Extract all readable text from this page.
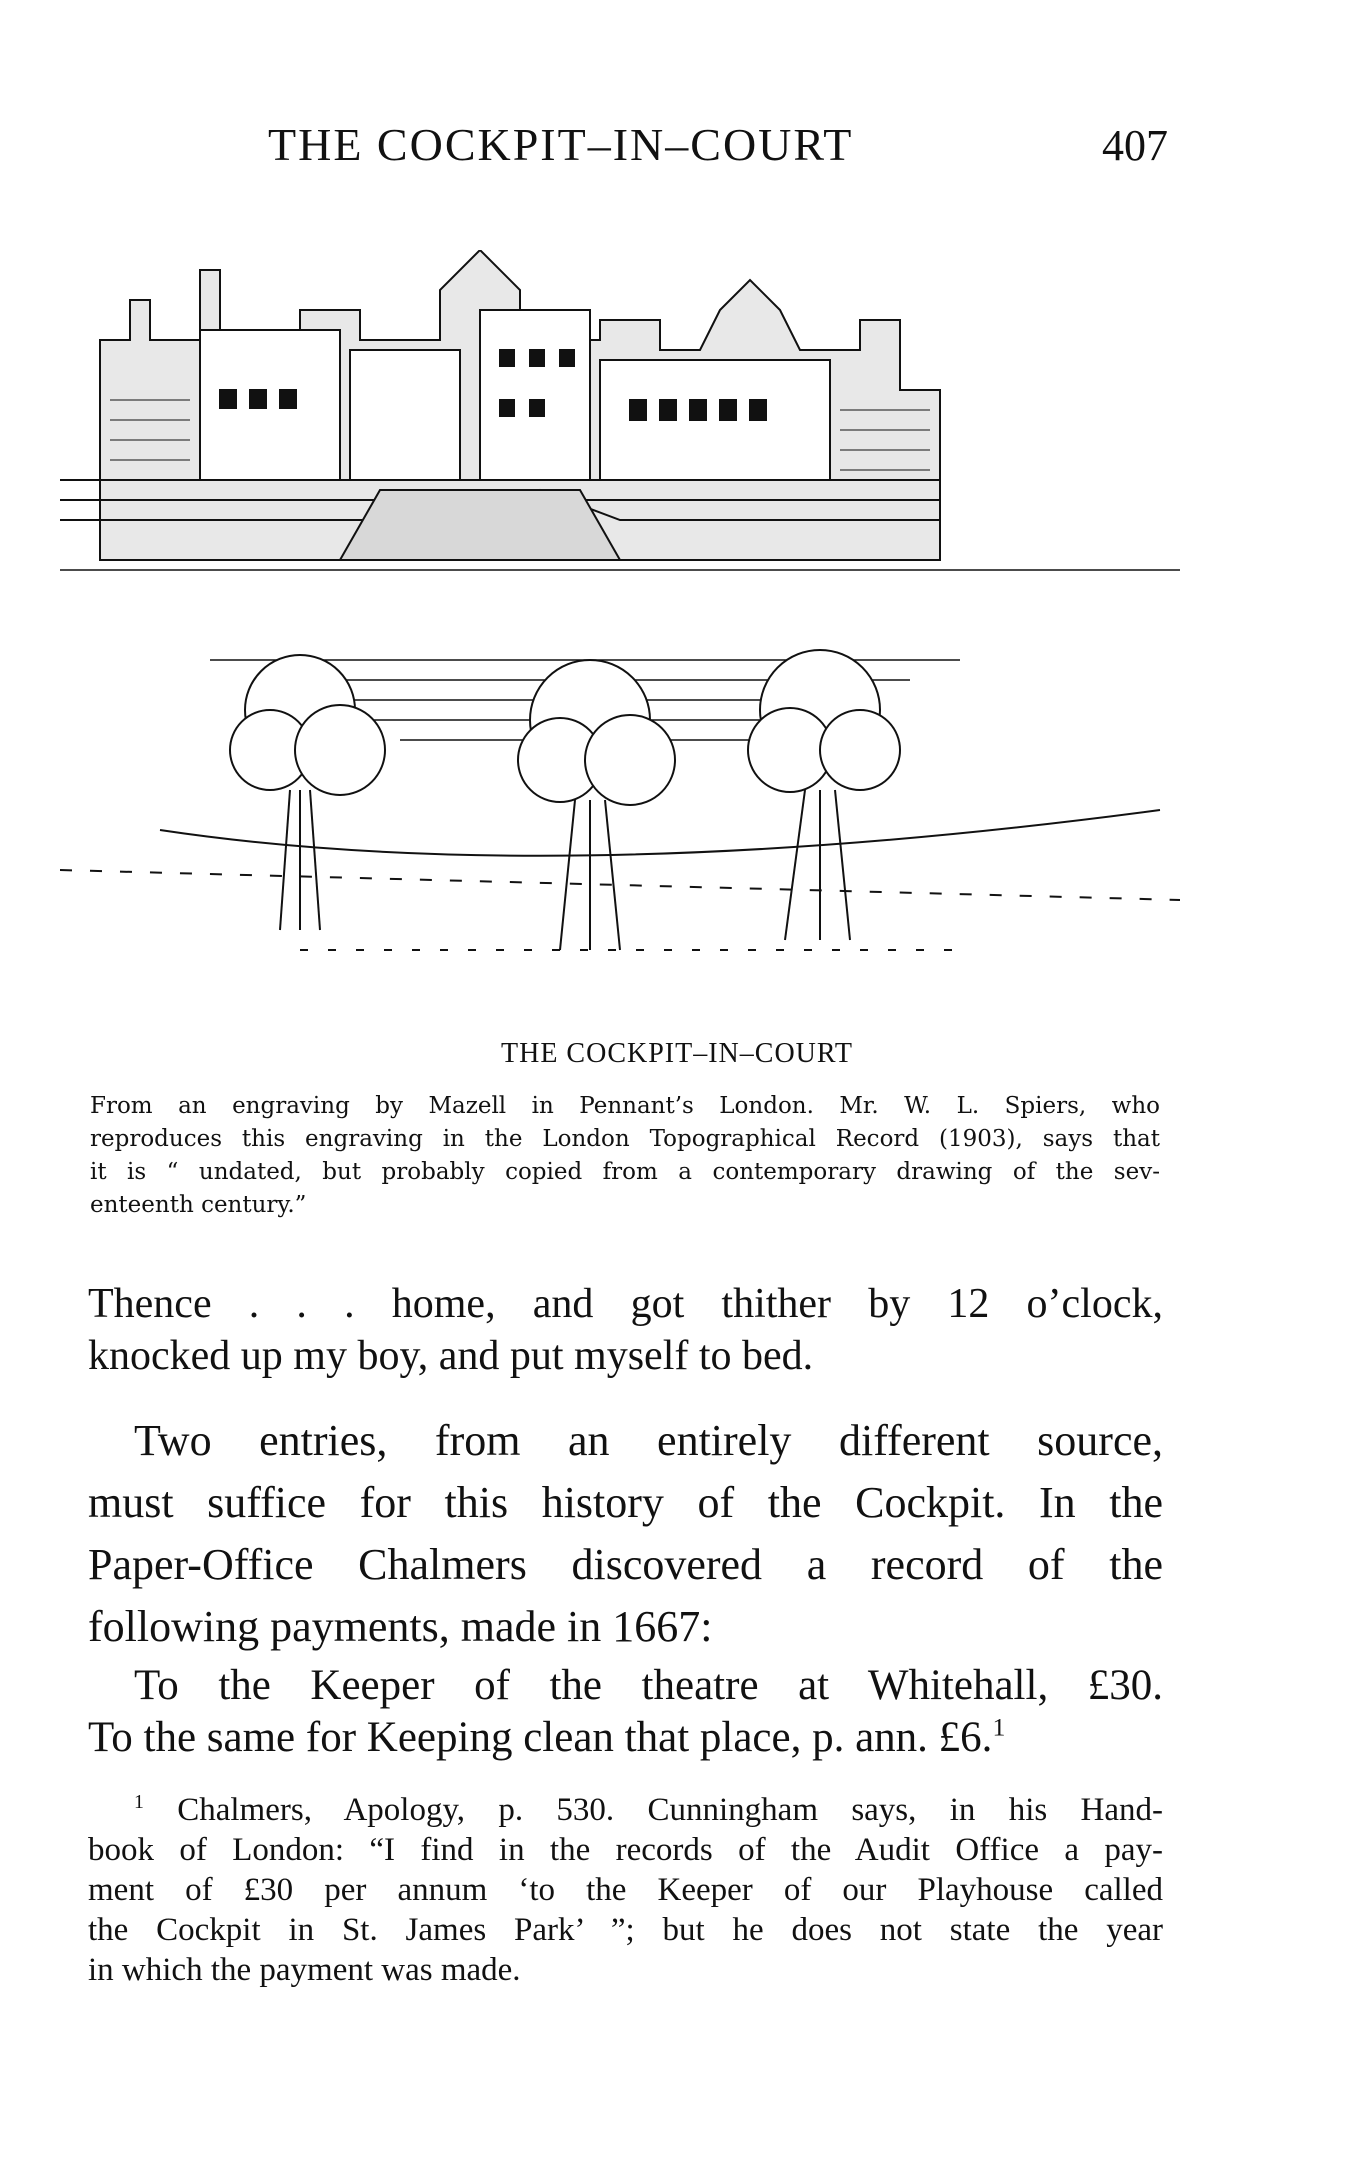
THE COCKPIT–IN–COURT	407
THE COCKPIT–IN–COURT
From an engraving by Mazell in Pennant’s London. Mr. W. L. Spiers, who
reproduces this engraving in the London Topographical Record (1903), says that
it is “ undated, but probably copied from a contemporary drawing of the sev-
enteenth century.”
Thence . . . home, and got thither by 12 o’clock,
knocked up my boy, and put myself to bed.
Two entries, from an entirely different source,
must suffice for this history of the Cockpit. In the
Paper-Office Chalmers discovered a record of the
following payments, made in 1667:
To the Keeper of the theatre at Whitehall, £30.
To the same for Keeping clean that place, p. ann. £6.$^1$
$^1$ Chalmers, Apology, p. 530. Cunningham says, in his Hand-
book of London: “I find in the records of the Audit Office a pay-
ment of £30 per annum ‘to the Keeper of our Playhouse called
the Cockpit in St. James Park’ ”; but he does not state the year
in which the payment was made.
